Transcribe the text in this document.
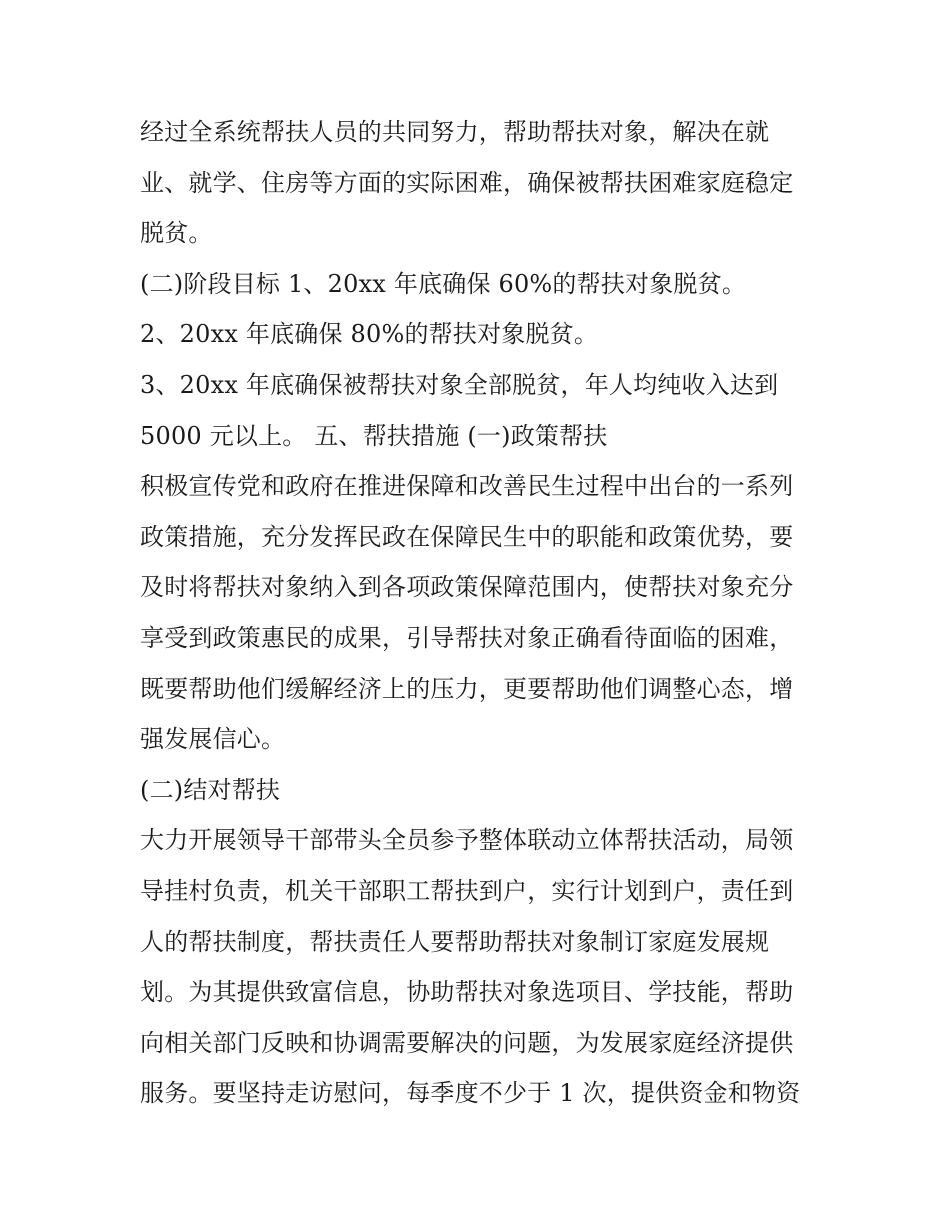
经过全系统帮扶人员的共同努力，帮助帮扶对象，解决在就
业、就学、住房等方面的实际困难，确保被帮扶困难家庭稳定
脱贫。
(二)阶段目标 1、20xx 年底确保 60%的帮扶对象脱贫。
2、20xx 年底确保 80%的帮扶对象脱贫。
3、20xx 年底确保被帮扶对象全部脱贫，年人均纯收入达到
5000 元以上。 五、帮扶措施 (一)政策帮扶
积极宣传党和政府在推进保障和改善民生过程中出台的一系列
政策措施，充分发挥民政在保障民生中的职能和政策优势，要
及时将帮扶对象纳入到各项政策保障范围内，使帮扶对象充分
享受到政策惠民的成果，引导帮扶对象正确看待面临的困难，
既要帮助他们缓解经济上的压力，更要帮助他们调整心态，增
强发展信心。
(二)结对帮扶
大力开展领导干部带头全员参予整体联动立体帮扶活动，局领
导挂村负责，机关干部职工帮扶到户，实行计划到户，责任到
人的帮扶制度，帮扶责任人要帮助帮扶对象制订家庭发展规
划。为其提供致富信息，协助帮扶对象选项目、学技能，帮助
向相关部门反映和协调需要解决的问题，为发展家庭经济提供
服务。要坚持走访慰问，每季度不少于 1 次，提供资金和物资
